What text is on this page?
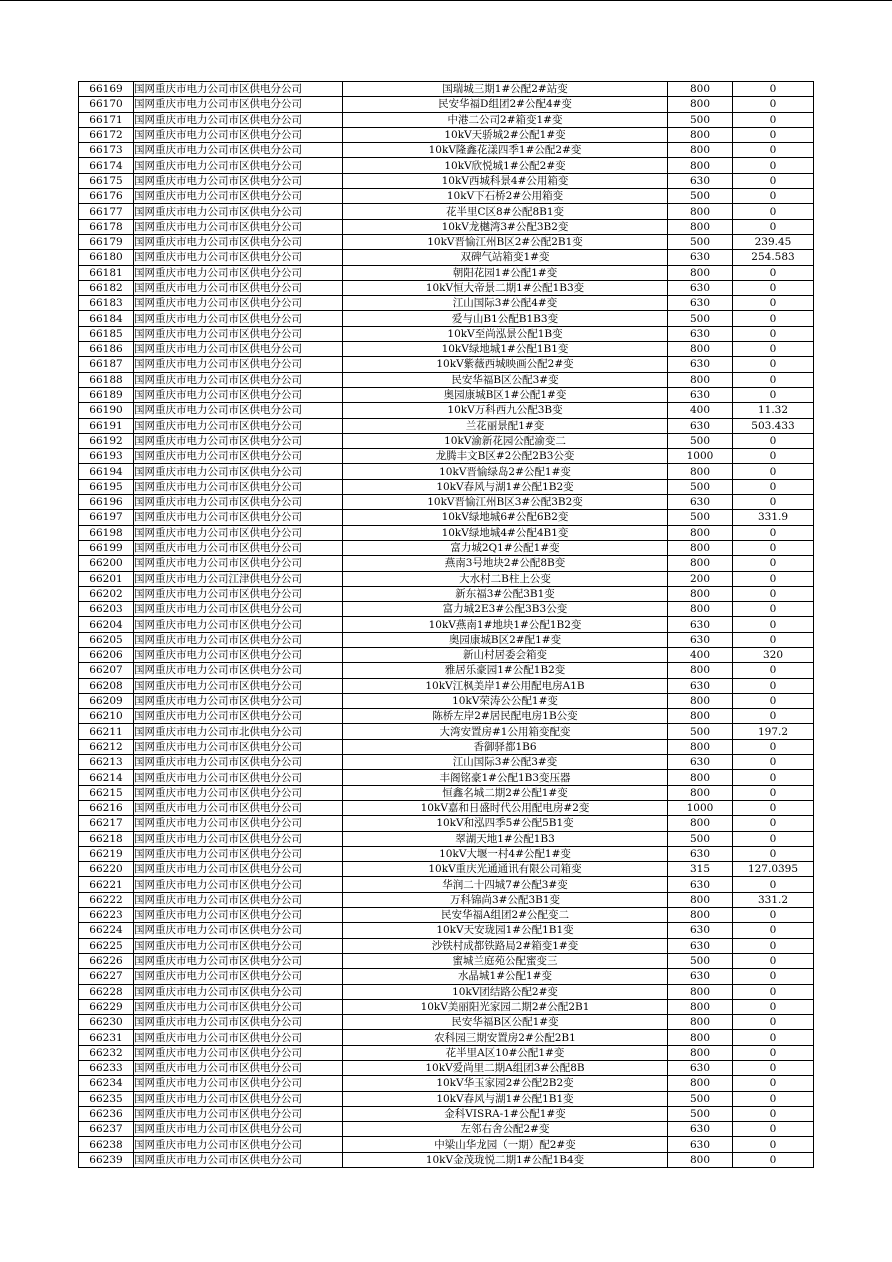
66169	国网重庆市电力公司市区供电分公司	国瑞城三期1#公配2#站变	800	0
66170	国网重庆市电力公司市区供电分公司	民安华福D组团2#公配4#变	800	0
66171	国网重庆市电力公司市区供电分公司	中港二公司2#箱变1#变	500	0
66172	国网重庆市电力公司市区供电分公司	10kV天骄城2#公配1#变	800	0
66173	国网重庆市电力公司市区供电分公司	10kV隆鑫花漾四季1#公配2#变	800	0
66174	国网重庆市电力公司市区供电分公司	10kV欣悦城1#公配2#变	800	0
66175	国网重庆市电力公司市区供电分公司	10kV西城科景4#公用箱变	630	0
66176	国网重庆市电力公司市区供电分公司	10kV下石桥2#公用箱变	500	0
66177	国网重庆市电力公司市区供电分公司	花半里C区8#公配8B1变	800	0
66178	国网重庆市电力公司市区供电分公司	10kV龙樾湾3#公配3B2变	800	0
66179	国网重庆市电力公司市区供电分公司	10kV晋愉江州B区2#公配2B1变	500	239.45
66180	国网重庆市电力公司市区供电分公司	双碑气站箱变1#变	630	254.583
66181	国网重庆市电力公司市区供电分公司	朝阳花园1#公配1#变	800	0
66182	国网重庆市电力公司市区供电分公司	10kV恒大帝景二期1#公配1B3变	630	0
66183	国网重庆市电力公司市区供电分公司	江山国际3#公配4#变	630	0
66184	国网重庆市电力公司市区供电分公司	爱与山B1公配B1B3变	500	0
66185	国网重庆市电力公司市区供电分公司	10kV至尚泓景公配1B变	630	0
66186	国网重庆市电力公司市区供电分公司	10kV绿地城1#公配1B1变	800	0
66187	国网重庆市电力公司市区供电分公司	10kV紫薇西城映画公配2#变	630	0
66188	国网重庆市电力公司市区供电分公司	民安华福B区公配3#变	800	0
66189	国网重庆市电力公司市区供电分公司	奥园康城B区1#公配1#变	630	0
66190	国网重庆市电力公司市区供电分公司	10kV万科西九公配3B变	400	11.32
66191	国网重庆市电力公司市区供电分公司	兰花丽景配1#变	630	503.433
66192	国网重庆市电力公司市区供电分公司	10kV渝新花园公配渝变二	500	0
66193	国网重庆市电力公司市区供电分公司	龙腾丰文B区#2公配2B3公变	1000	0
66194	国网重庆市电力公司市区供电分公司	10kV晋愉绿岛2#公配1#变	800	0
66195	国网重庆市电力公司市区供电分公司	10kV春风与湖1#公配1B2变	500	0
66196	国网重庆市电力公司市区供电分公司	10kV晋愉江州B区3#公配3B2变	630	0
66197	国网重庆市电力公司市区供电分公司	10kV绿地城6#公配6B2变	500	331.9
66198	国网重庆市电力公司市区供电分公司	10kV绿地城4#公配4B1变	800	0
66199	国网重庆市电力公司市区供电分公司	富力城2Q1#公配1#变	800	0
66200	国网重庆市电力公司市区供电分公司	燕南3号地块2#公配8B变	800	0
66201	国网重庆市电力公司江津供电分公司	大水村二B柱上公变	200	0
66202	国网重庆市电力公司市区供电分公司	新东福3#公配3B1变	800	0
66203	国网重庆市电力公司市区供电分公司	富力城2E3#公配3B3公变	800	0
66204	国网重庆市电力公司市区供电分公司	10kV燕南1#地块1#公配1B2变	630	0
66205	国网重庆市电力公司市区供电分公司	奥园康城B区2#配1#变	630	0
66206	国网重庆市电力公司市区供电分公司	新山村居委会箱变	400	320
66207	国网重庆市电力公司市区供电分公司	雅居乐豪园1#公配1B2变	800	0
66208	国网重庆市电力公司市区供电分公司	10kV江枫美岸1#公用配电房A1B	630	0
66209	国网重庆市电力公司市区供电分公司	10kV荣涛公公配1#变	800	0
66210	国网重庆市电力公司市区供电分公司	陈桥左岸2#居民配电房1B公变	800	0
66211	国网重庆市电力公司市北供电分公司	大湾安置房#1公用箱变配变	500	197.2
66212	国网重庆市电力公司市区供电分公司	香御驿都1B6	800	0
66213	国网重庆市电力公司市区供电分公司	江山国际3#公配3#变	630	0
66214	国网重庆市电力公司市区供电分公司	丰阁铭豪1#公配1B3变压器	800	0
66215	国网重庆市电力公司市区供电分公司	恒鑫名城二期2#公配1#变	800	0
66216	国网重庆市电力公司市区供电分公司	10kV嘉和日盛时代公用配电房#2变	1000	0
66217	国网重庆市电力公司市区供电分公司	10kV和泓四季5#公配5B1变	800	0
66218	国网重庆市电力公司市区供电分公司	翠湖天地1#公配1B3	500	0
66219	国网重庆市电力公司市区供电分公司	10kV大堰一村4#公配1#变	630	0
66220	国网重庆市电力公司市区供电分公司	10kV重庆光通通讯有限公司箱变	315	127.0395
66221	国网重庆市电力公司市区供电分公司	华润二十四城7#公配3#变	630	0
66222	国网重庆市电力公司市区供电分公司	万科锦尚3#公配3B1变	800	331.2
66223	国网重庆市电力公司市区供电分公司	民安华福A组团2#公配变二	800	0
66224	国网重庆市电力公司市区供电分公司	10kV天安珑园1#公配1B1变	630	0
66225	国网重庆市电力公司市区供电分公司	沙铁村成都铁路局2#箱变1#变	630	0
66226	国网重庆市电力公司市区供电分公司	蜜城兰庭苑公配蜜变三	500	0
66227	国网重庆市电力公司市区供电分公司	水晶城1#公配1#变	630	0
66228	国网重庆市电力公司市区供电分公司	10kV团结路公配2#变	800	0
66229	国网重庆市电力公司市区供电分公司	10kV美丽阳光家园二期2#公配2B1	800	0
66230	国网重庆市电力公司市区供电分公司	民安华福B区公配1#变	800	0
66231	国网重庆市电力公司市区供电分公司	农科园三期安置房2#公配2B1	800	0
66232	国网重庆市电力公司市区供电分公司	花半里A区10#公配1#变	800	0
66233	国网重庆市电力公司市区供电分公司	10kV爱尚里二期A组团3#公配8B	630	0
66234	国网重庆市电力公司市区供电分公司	10kV华玉家园2#公配2B2变	800	0
66235	国网重庆市电力公司市区供电分公司	10kV春风与湖1#公配1B1变	500	0
66236	国网重庆市电力公司市区供电分公司	金科VISRA-1#公配1#变	500	0
66237	国网重庆市电力公司市区供电分公司	左邻右舍公配2#变	630	0
66238	国网重庆市电力公司市区供电分公司	中梁山华龙园（一期）配2#变	630	0
66239	国网重庆市电力公司市区供电分公司	10kV金茂珑悦二期1#公配1B4变	800	0
